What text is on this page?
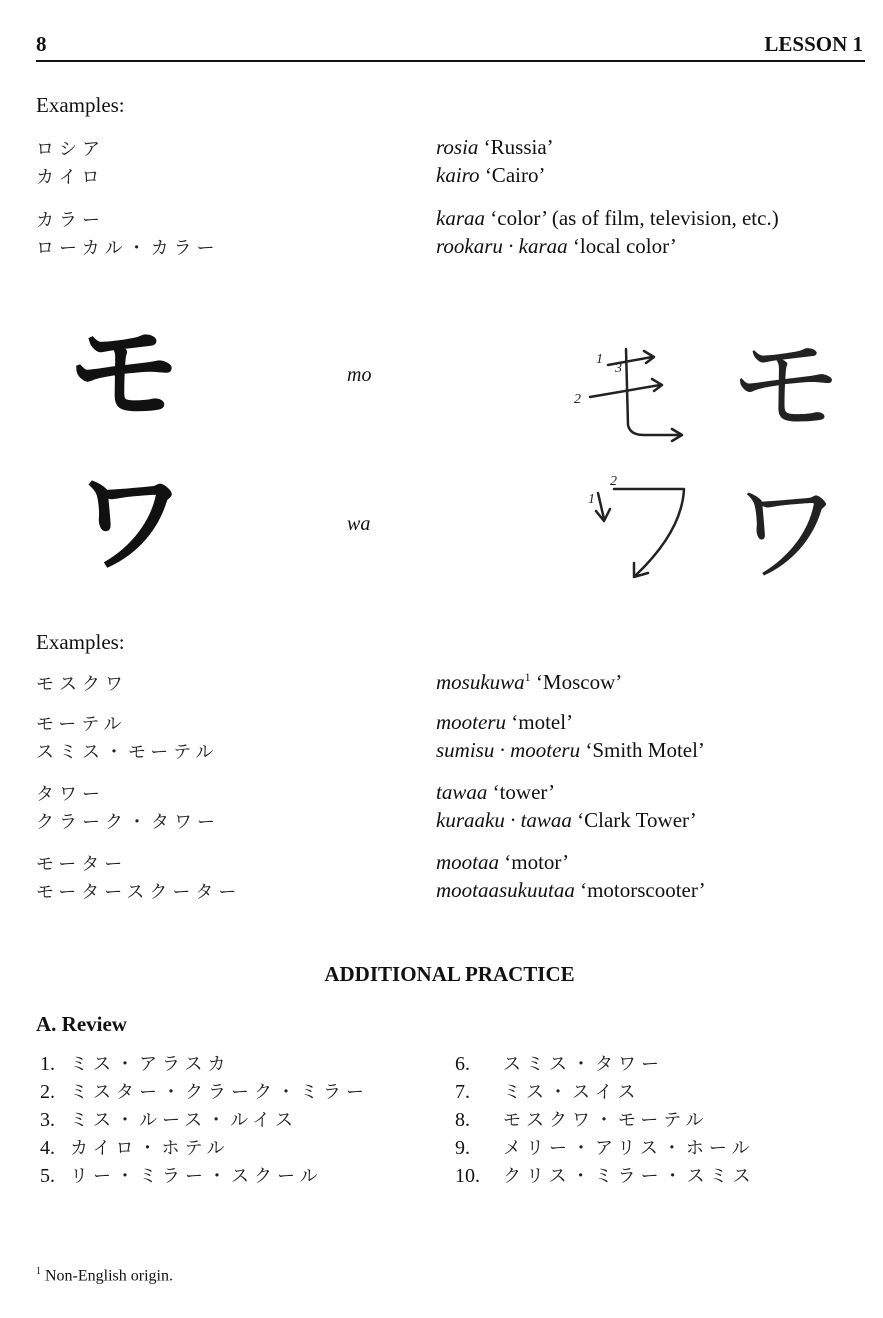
8	LESSON 1
Examples:
ロシア	rosia ‘Russia’
カイロ	kairo ‘Cairo’
カラー	karaa ‘color’ (as of film, television, etc.)
ローカル・カラー	rookaru · karaa ‘local color’
モ	mo	モ
ワ	wa	ワ
1
3
2
1
2
Examples:
モスクワ	mosukuwa$^1$ ‘Moscow’
モーテル	mooteru ‘motel’
スミス・モーテル	sumisu · mooteru ‘Smith Motel’
タワー	tawaa ‘tower’
クラーク・タワー	kuraaku · tawaa ‘Clark Tower’
モーター	mootaa ‘motor’
モータースクーター	mootaasukuutaa ‘motorscooter’
ADDITIONAL PRACTICE
A. Review
1. ミス・アラスカ
2. ミスター・クラーク・ミラー
3. ミス・ルース・ルイス
4. カイロ・ホテル
5. リー・ミラー・スクール
6. スミス・タワー
7. ミス・スイス
8. モスクワ・モーテル
9. メリー・アリス・ホール
10. クリス・ミラー・スミス
$^1$ Non-English origin.
